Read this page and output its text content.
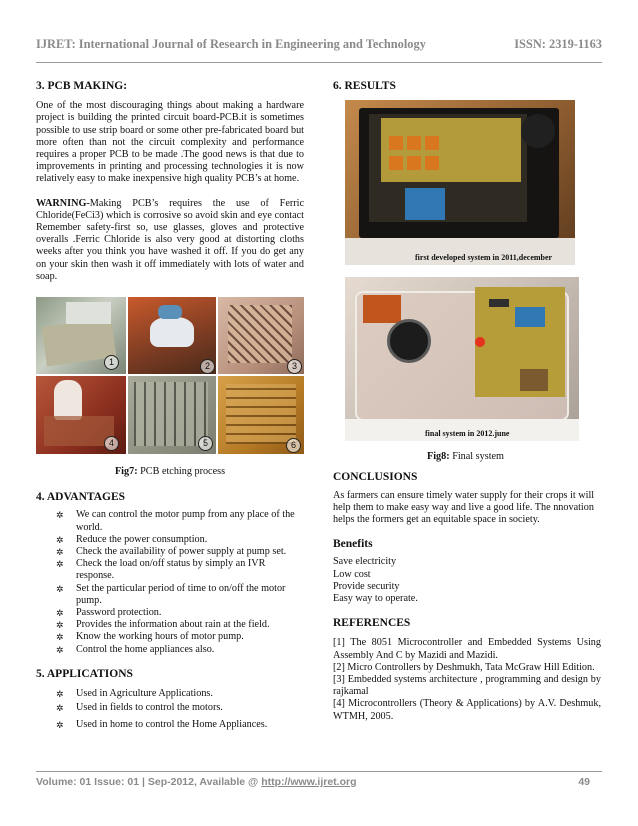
IJRET: International Journal of Research in Engineering and Technology	ISSN: 2319-1163
3. PCB MAKING:

One of the most discouraging things about making a hardware project is building the printed circuit board-PCB.it is sometimes possible to use strip board or some other pre-fabricated board but more often than not the circuit complexity and performance requires a proper PCB to be made .The good news is that due to improvements in printing and processing technologies it is now relatively easy to make inexpensive high quality PCB’s at home.

WARNING-Making PCB’s requires the use of Ferric Chloride(FeCi3) which is corrosive so avoid skin and eye contact Remember safety-first so, use glasses, gloves and protective overalls .Ferric Chloride is also very good at distorting cloths weeks after you think you have washed it off. If you do get any on your skin then wash it off immediately with lots of water and soap.

1	2	3
4	5	6

Fig7: PCB etching process

4. ADVANTAGES
✲ We can control the motor pump from any place of the world.
✲ Reduce the power consumption.
✲ Check the availability of power supply at pump set.
✲ Check the load on/off status by simply an IVR response.
✲ Set the particular period of time to on/off the motor pump.
✲ Password protection.
✲ Provides the information about rain at the field.
✲ Know the working hours of motor pump.
✲ Control the home appliances also.
5. APPLICATIONS
✲ Used in Agriculture Applications.
✲ Used in fields to control the motors.
✲ Used in home to control the Home Appliances.
6. RESULTS
first developed system in 2011,december
final system in 2012.june

Fig8: Final system

CONCLUSIONS

As farmers can ensure timely water supply for their crops it will help them to make easy way and live a good life. The nnovation helps the formers get an equitable space in society.

Benefits
Save electricity
Low cost
Provide security
Easy way to operate.
REFERENCES

[1] The 8051 Microcontroller and Embedded Systems Using Assembly And C by Mazidi and Mazidi.

[2] Micro Controllers by Deshmukh, Tata McGraw Hill Edition.

[3] Embedded systems architecture , programming and design by rajkamal

[4] Microcontrollers (Theory & Applications) by A.V. Deshmuk, WTMH, 2005.

Volume: 01 Issue: 01 | Sep-2012, Available @ http://www.ijret.org	49
